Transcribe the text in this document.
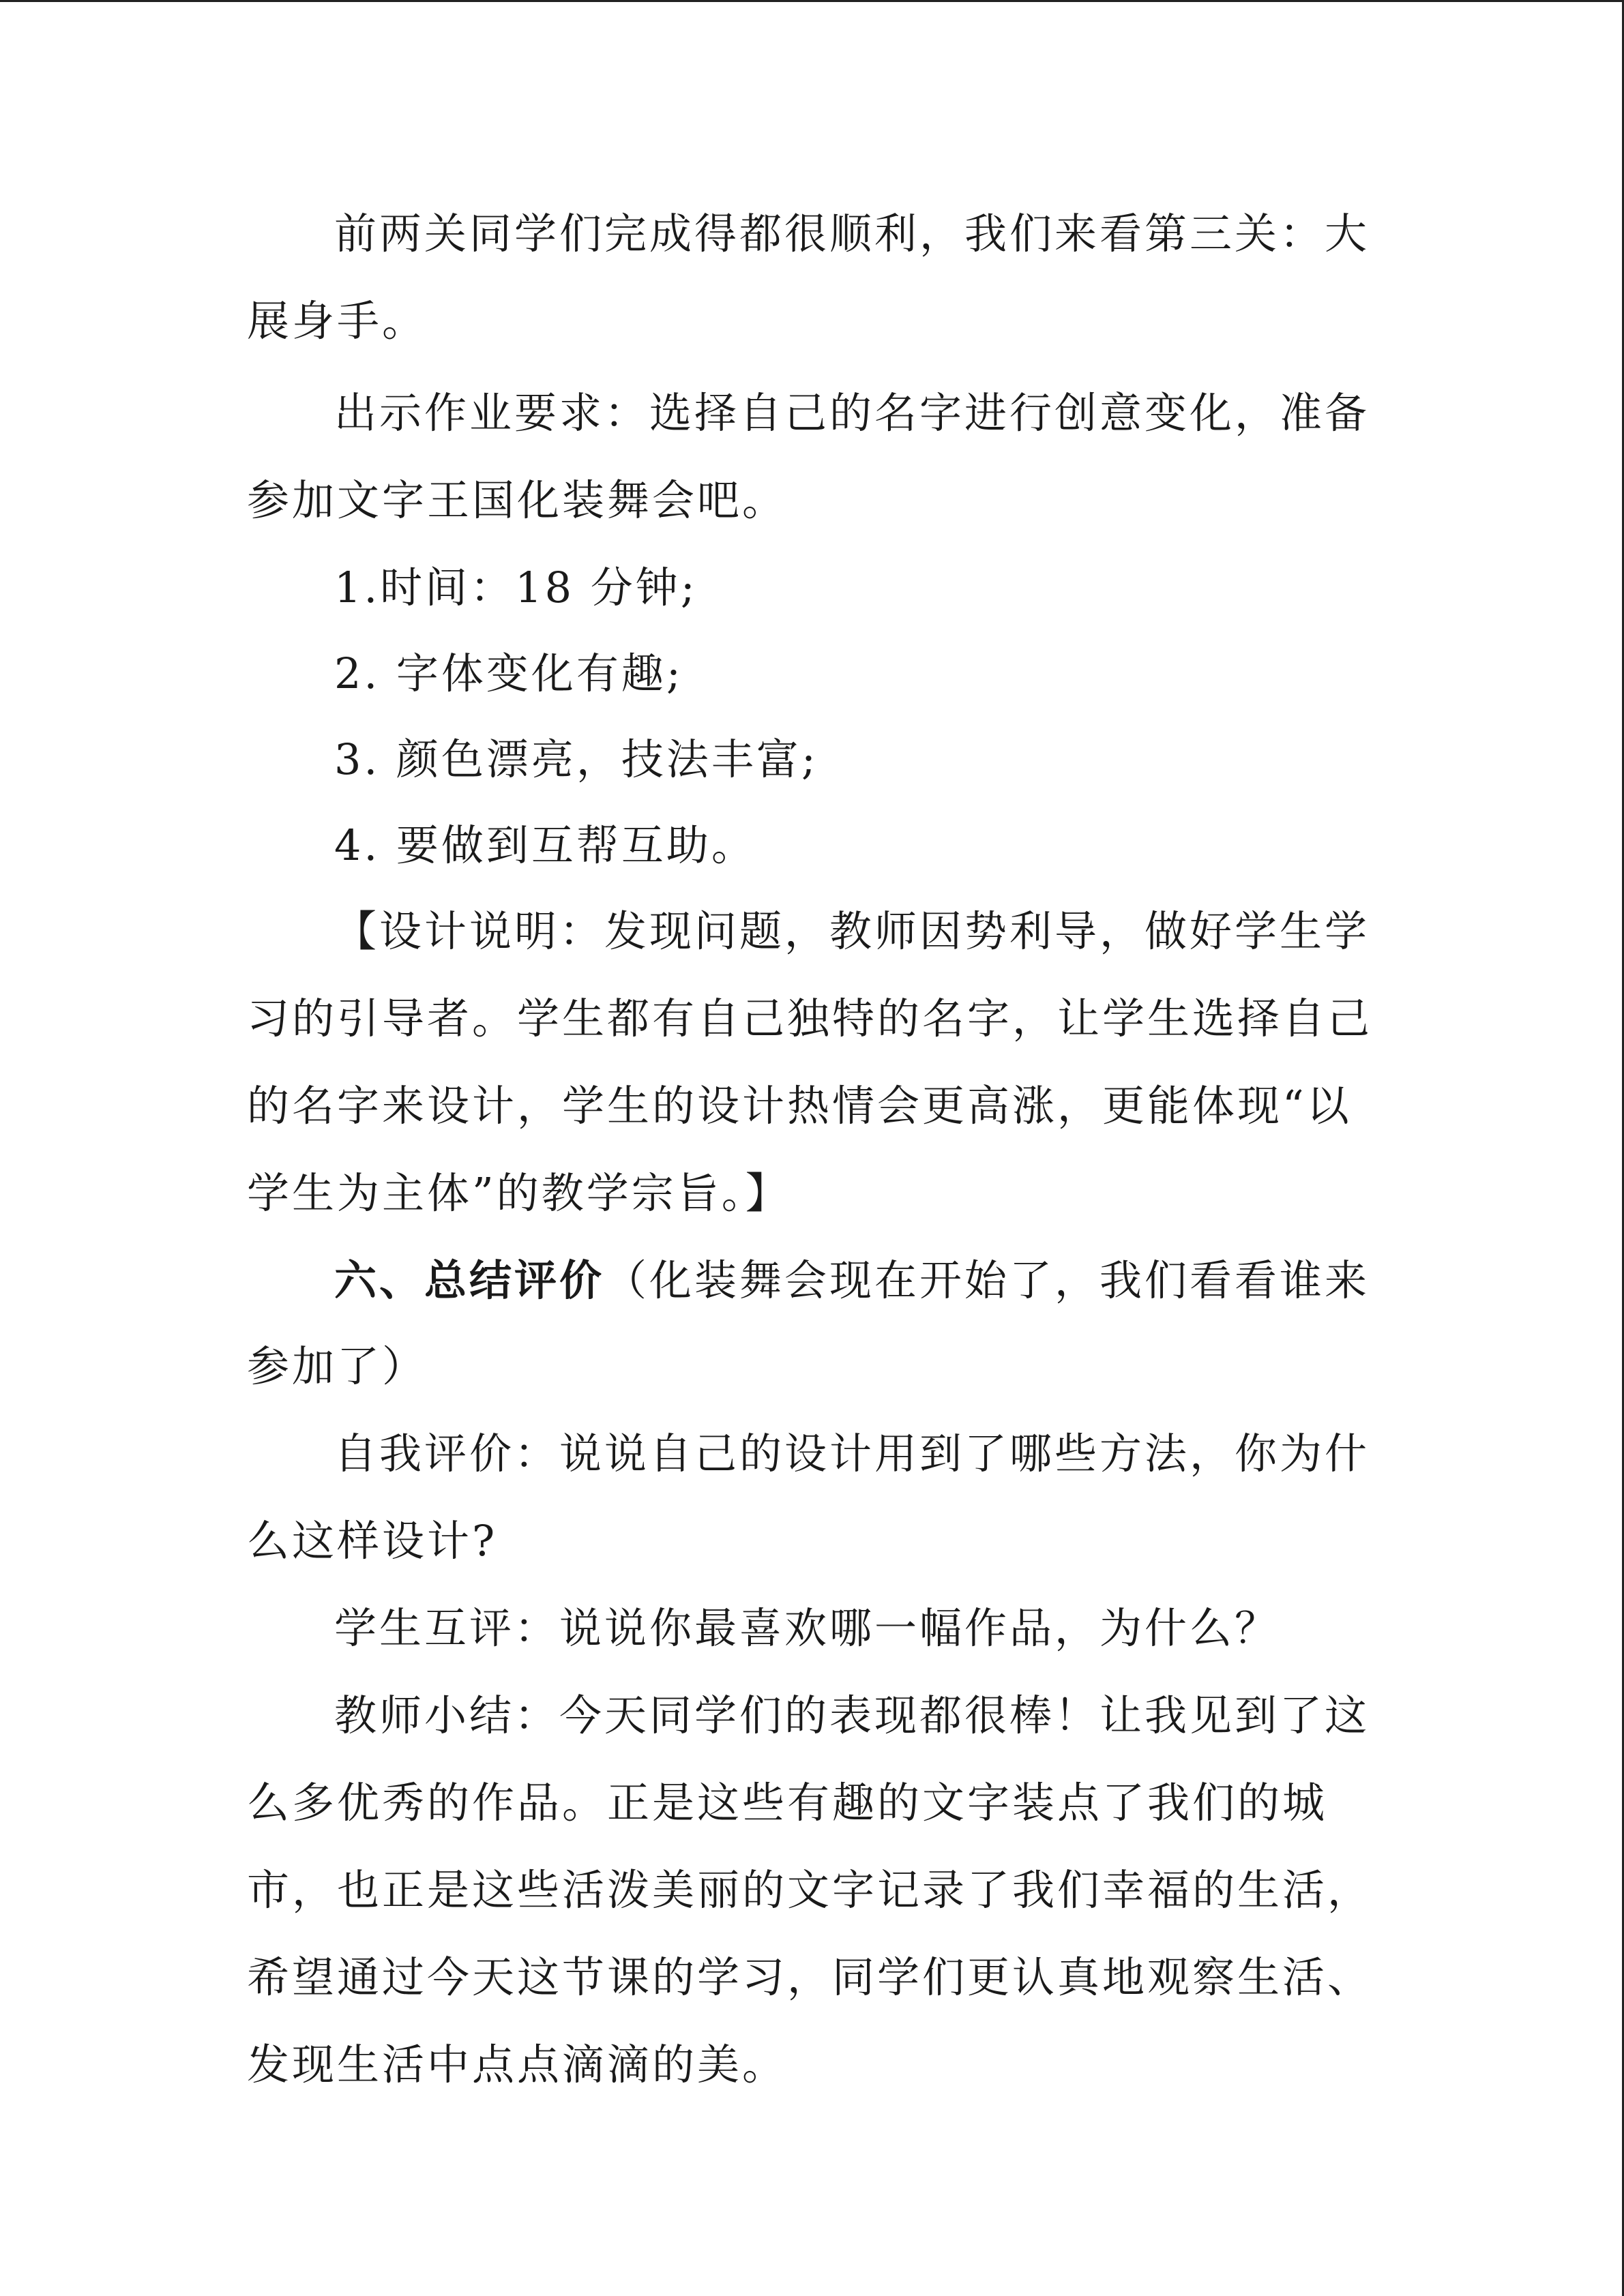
前两关同学们完成得都很顺利，我们来看第三关：大
展身手。
出示作业要求：选择自己的名字进行创意变化，准备
参加文字王国化装舞会吧。
1.时间：18 分钟;
2. 字体变化有趣;
3. 颜色漂亮，技法丰富;
4. 要做到互帮互助。
【设计说明：发现问题，教师因势利导，做好学生学
习的引导者。学生都有自己独特的名字，让学生选择自己
的名字来设计，学生的设计热情会更高涨，更能体现“以
学生为主体”的教学宗旨。】
六、总结评价（化装舞会现在开始了，我们看看谁来
参加了）
自我评价：说说自己的设计用到了哪些方法，你为什
么这样设计?
学生互评：说说你最喜欢哪一幅作品，为什么？
教师小结：今天同学们的表现都很棒！让我见到了这
么多优秀的作品。正是这些有趣的文字装点了我们的城
市，也正是这些活泼美丽的文字记录了我们幸福的生活，
希望通过今天这节课的学习，同学们更认真地观察生活、
发现生活中点点滴滴的美。
